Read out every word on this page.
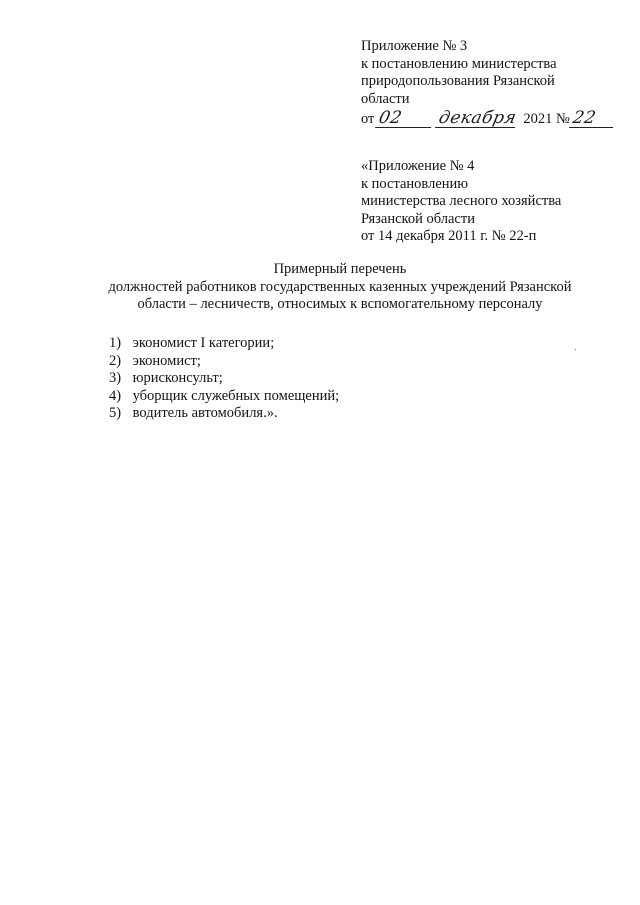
Приложение № 3
к постановлению министерства
природопользования Рязанской
области
от 02	декабря 2021 № 22
«Приложение № 4
к постановлению
министерства лесного хозяйства
Рязанской области
от 14 декабря 2011 г. № 22-п
Примерный перечень
должностей работников государственных казенных учреждений Рязанской
области – лесничеств, относимых к вспомогательному персоналу
1) экономист I категории;
2) экономист;
3) юрисконсульт;
4) уборщик служебных помещений;
5) водитель автомобиля.».
